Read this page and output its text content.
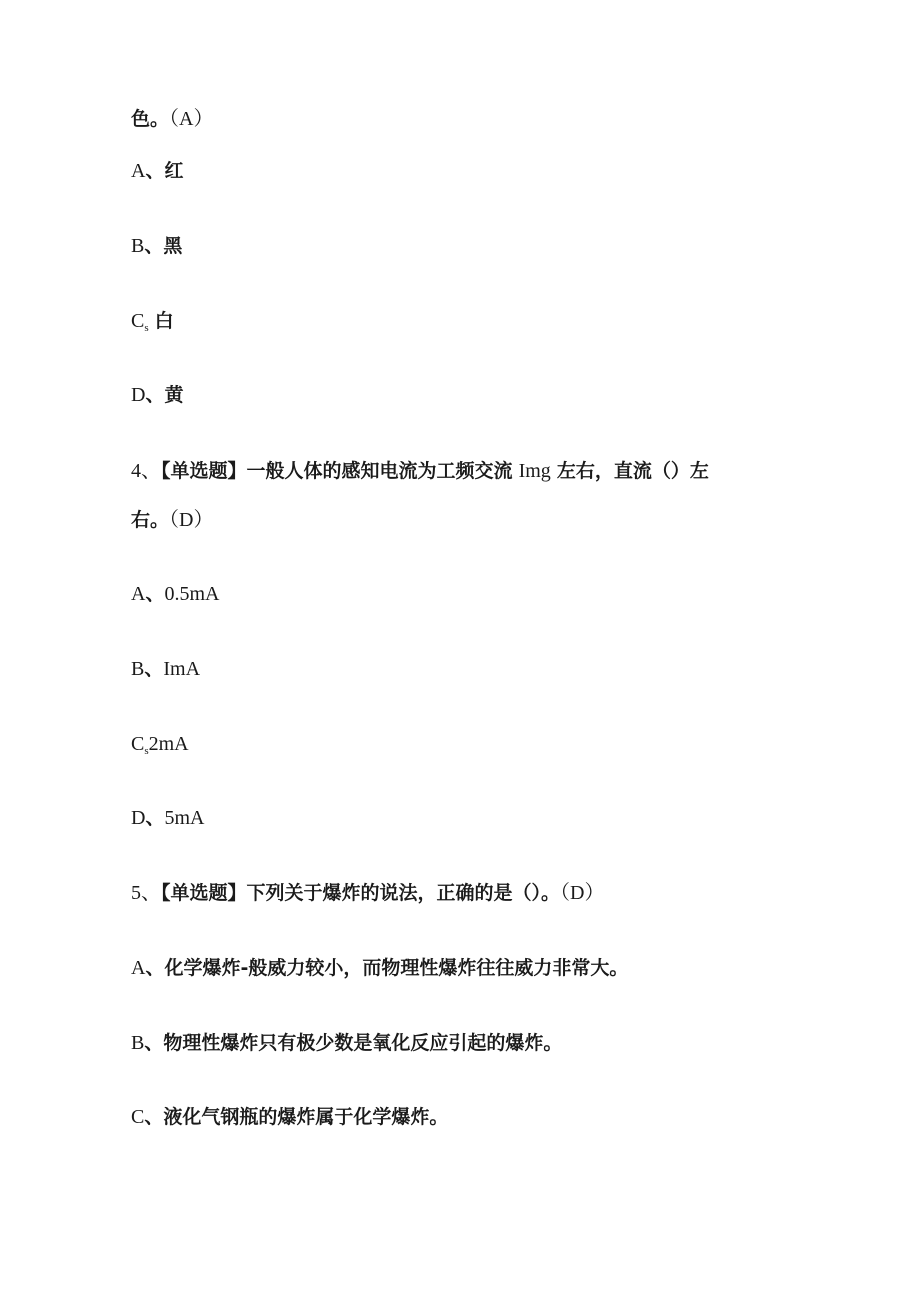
色。（A）
A、红
B、黑
$C_s$ 白
D、黄
4、【单选题】一般人体的感知电流为工频交流 Img 左右，直流（）左
右。（D）
A、0.5mA
B、ImA
$C_s2mA$
D、5mA
5、【单选题】下列关于爆炸的说法，正确的是（）。（D）
A、化学爆炸-般威力较小，而物理性爆炸往往威力非常大。
B、物理性爆炸只有极少数是氧化反应引起的爆炸。
C、液化气钢瓶的爆炸属于化学爆炸。
